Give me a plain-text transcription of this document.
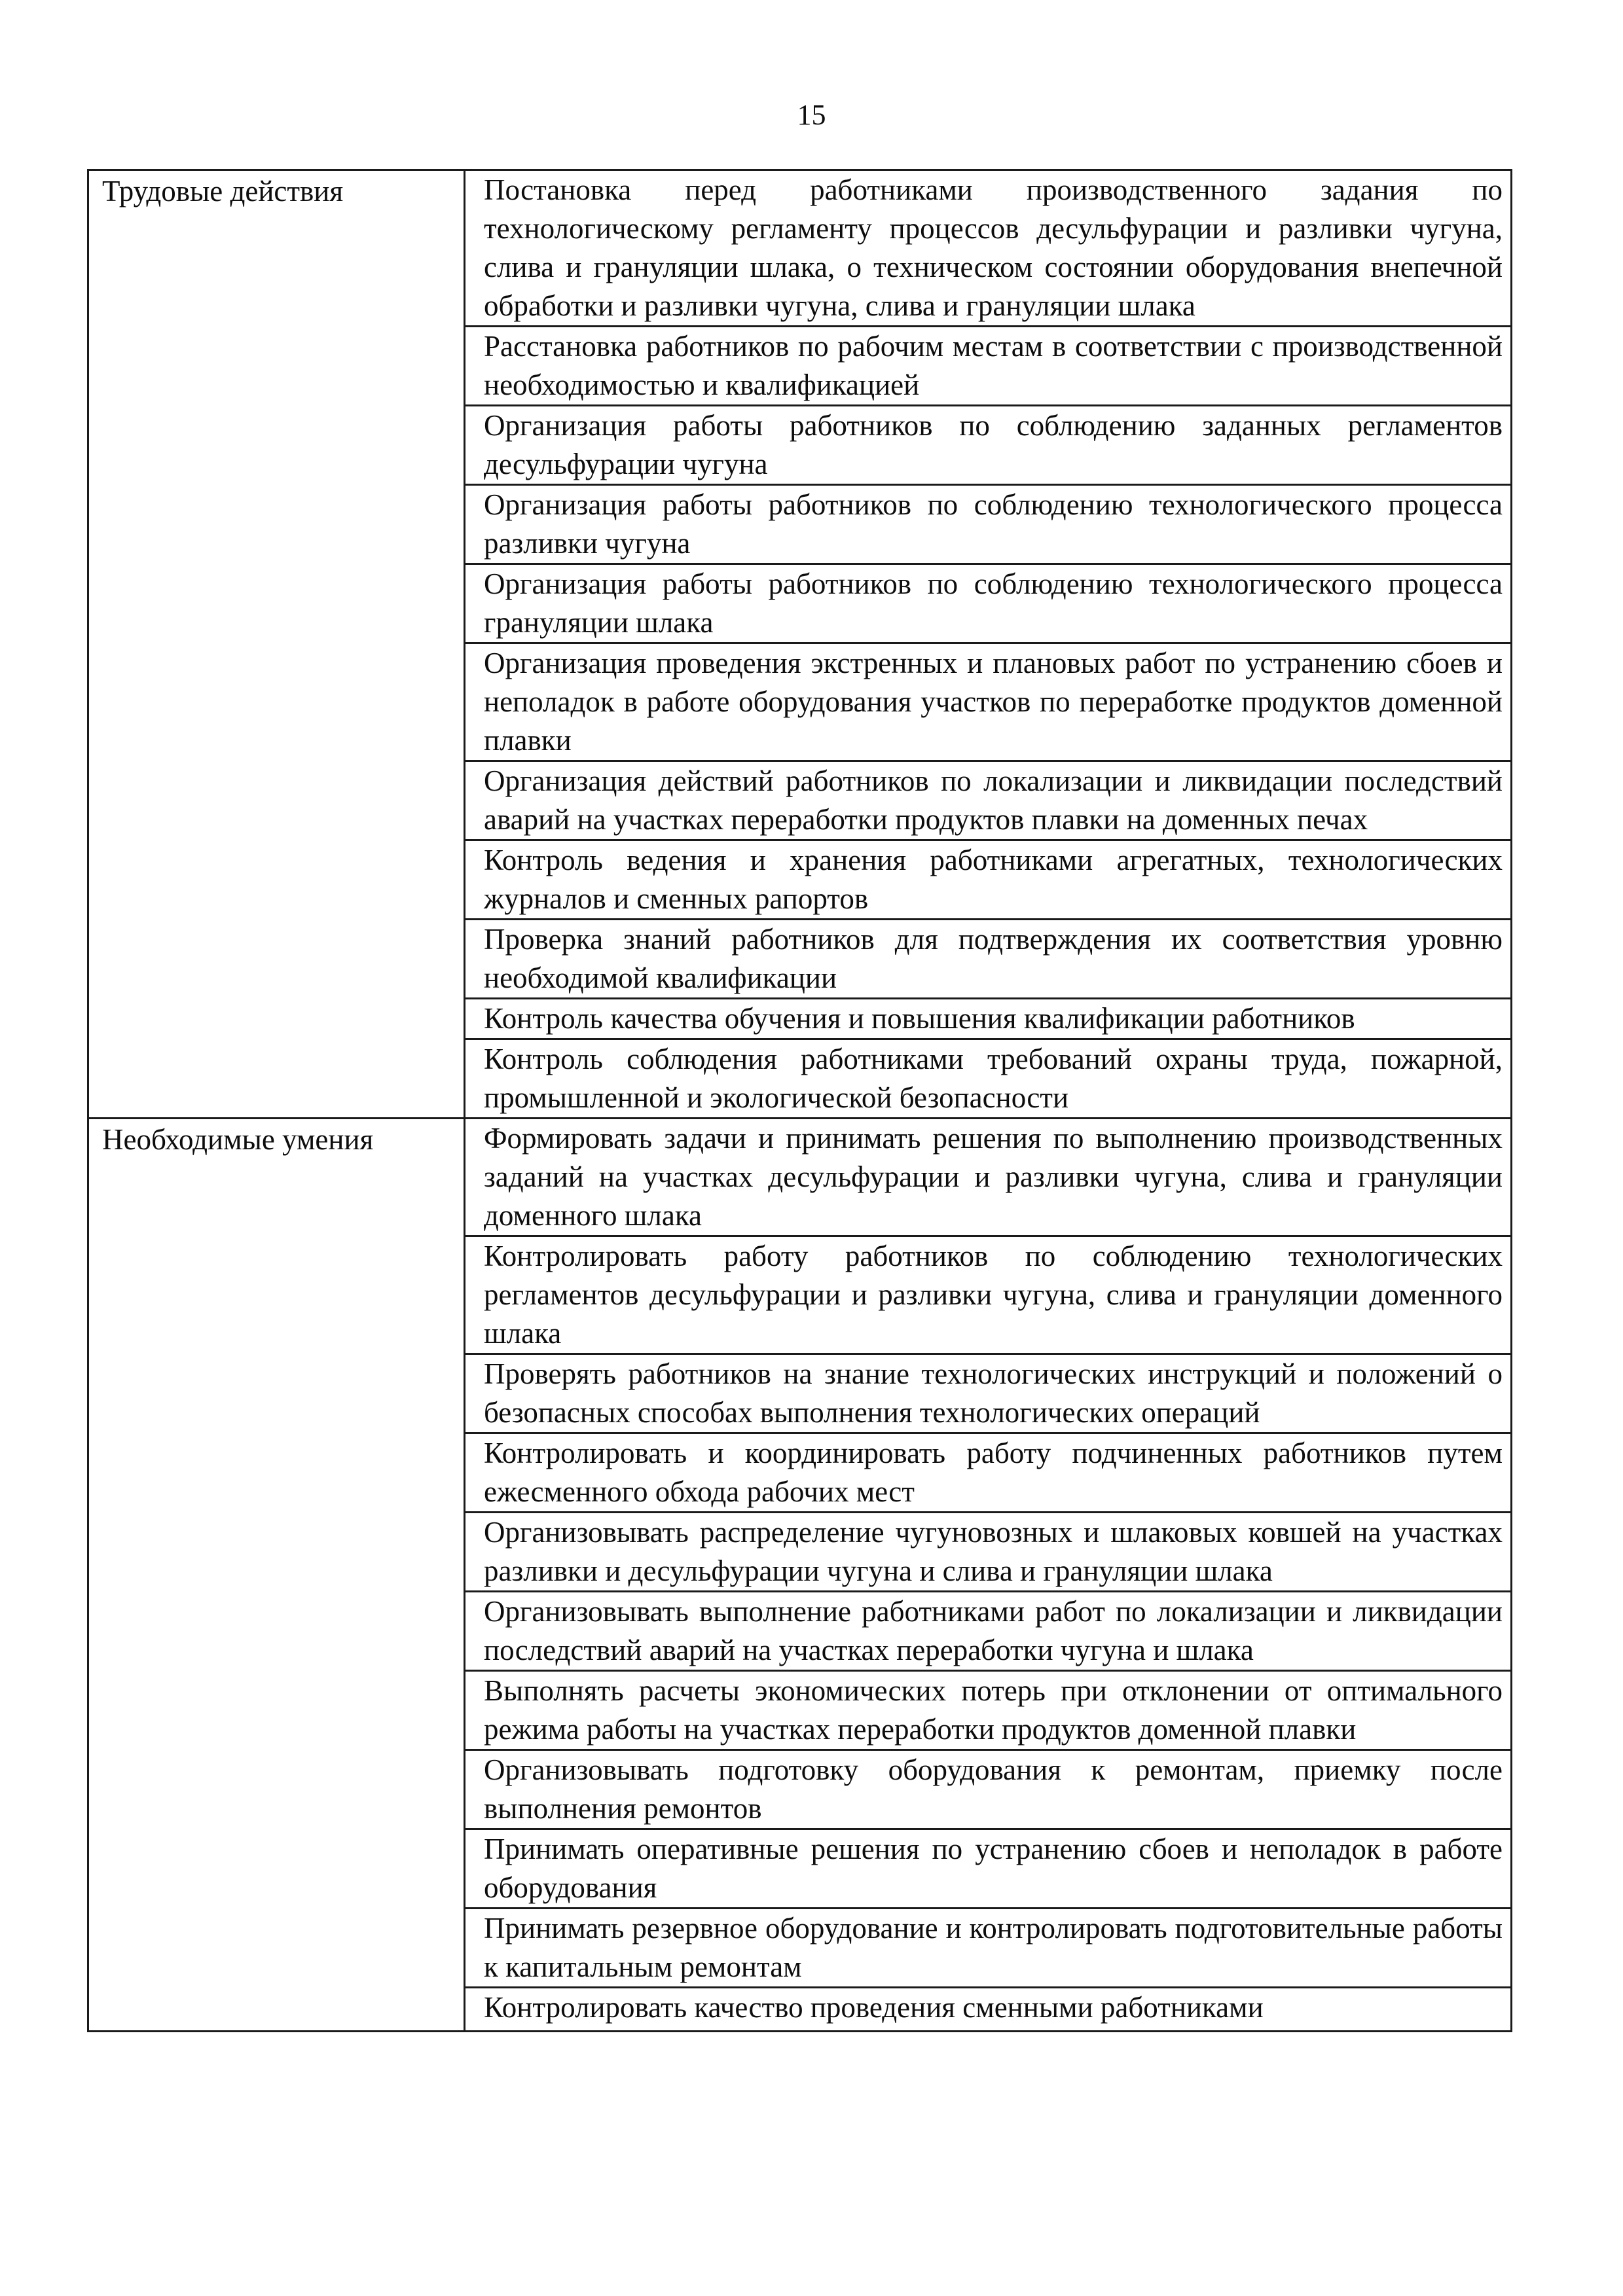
15
Трудовые действия	Постановка перед работниками производственного задания по технологическому регламенту процессов десульфурации и разливки чугуна, слива и грануляции шлака, о техническом состоянии оборудования внепечной обработки и разливки чугуна, слива и грануляции шлака
	Расстановка работников по рабочим местам в соответствии с производственной необходимостью и квалификацией
	Организация работы работников по соблюдению заданных регламентов десульфурации чугуна
	Организация работы работников по соблюдению технологического процесса разливки чугуна
	Организация работы работников по соблюдению технологического процесса грануляции шлака
	Организация проведения экстренных и плановых работ по устранению сбоев и неполадок в работе оборудования участков по переработке продуктов доменной плавки
	Организация действий работников по локализации и ликвидации последствий аварий на участках переработки продуктов плавки на доменных печах
	Контроль ведения и хранения работниками агрегатных, технологических журналов и сменных рапортов
	Проверка знаний работников для подтверждения их соответствия уровню необходимой квалификации
	Контроль качества обучения и повышения квалификации работников
	Контроль соблюдения работниками требований охраны труда, пожарной, промышленной и экологической безопасности
Необходимые умения	Формировать задачи и принимать решения по выполнению производственных заданий на участках десульфурации и разливки чугуна, слива и грануляции доменного шлака
	Контролировать работу работников по соблюдению технологических регламентов десульфурации и разливки чугуна, слива и грануляции доменного шлака
	Проверять работников на знание технологических инструкций и положений о безопасных способах выполнения технологических операций
	Контролировать и координировать работу подчиненных работников путем ежесменного обхода рабочих мест
	Организовывать распределение чугуновозных и шлаковых ковшей на участках разливки и десульфурации чугуна и слива и грануляции шлака
	Организовывать выполнение работниками работ по локализации и ликвидации последствий аварий на участках переработки чугуна и шлака
	Выполнять расчеты экономических потерь при отклонении от оптимального режима работы на участках переработки продуктов доменной плавки
	Организовывать подготовку оборудования к ремонтам, приемку после выполнения ремонтов
	Принимать оперативные решения по устранению сбоев и неполадок в работе оборудования
	Принимать резервное оборудование и контролировать подготовительные работы к капитальным ремонтам

	Контролировать качество проведения сменными работниками
